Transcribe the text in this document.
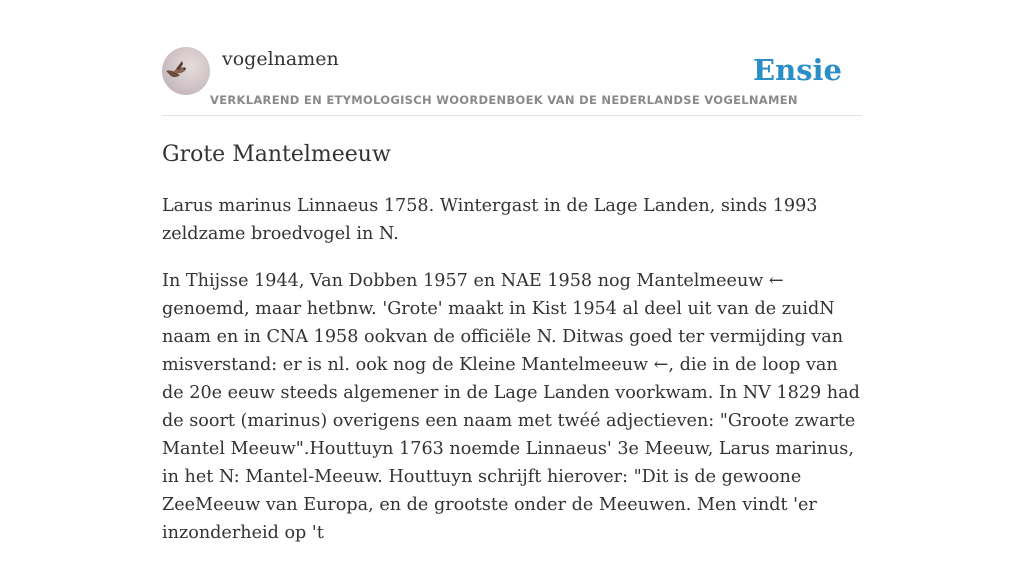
vogelnamen
VERKLAREND EN ETYMOLOGISCH WOORDENBOEK VAN DE NEDERLANDSE VOGELNAMEN
Ensie
Grote Mantelmeeuw

Larus marinus Linnaeus 1758. Wintergast in de Lage Landen, sinds 1993 zeldzame broedvogel in N.

In Thijsse 1944, Van Dobben 1957 en NAE 1958 nog Mantelmeeuw ← genoemd, maar hetbnw. 'Grote' maakt in Kist 1954 al deel uit van de zuidN naam en in CNA 1958 ookvan de officiële N. Ditwas goed ter vermijding van misverstand: er is nl. ook nog de Kleine Mantelmeeuw ←, die in de loop van de 20e eeuw steeds algemener in de Lage Landen voorkwam. In NV 1829 had de soort (marinus) overigens een naam met twéé adjectieven: "Groote zwarte Mantel Meeuw".Houttuyn 1763 noemde Linnaeus' 3e Meeuw, Larus marinus, in het N: Mantel-Meeuw. Houttuyn schrijft hierover: "Dit is de gewoone ZeeMeeuw van Europa, en de grootste onder de Meeuwen. Men vindt 'er inzonderheid op 't
